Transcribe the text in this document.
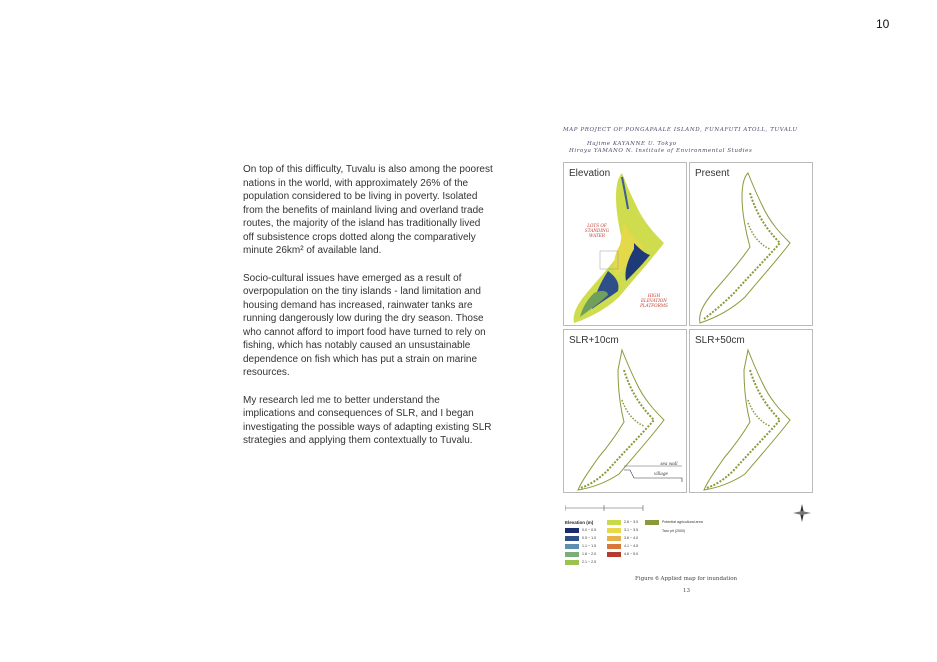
10

On top of this difficulty, Tuvalu is also among the poorest nations in the world, with approximately 26% of the population considered to be living in poverty. Isolated from the benefits of mainland living and overland trade routes, the majority of the island has traditionally lived off subsistence crops dotted along the comparatively minute 26km² of available land.

Socio-cultural issues have emerged as a result of overpopulation on the tiny islands - land limitation and housing demand has increased, rainwater tanks are running dangerously low during the dry season. Those who cannot afford to import food have turned to rely on fishing, which has notably caused an unsustainable dependence on fish which has put a strain on marine resources.

My research led me to better understand the implications and consequences of SLR, and I began investigating the possible ways of adapting existing SLR strategies and applying them contextually to Tuvalu.

MAP PROJECT OF PONGAPAALE ISLAND, FUNAFUTI ATOLL, TUVALU
Hajime KAYANNE U. Tokyo
Hiroya YAMANO N. Institute of Environmental Studies
Elevation
LOTS OF STANDING WATER
HIGH ELEVATION PLATFORMS
Present
SLR+10cm
village
sea wall
SLR+50cm
Elevation (m)
0.0 ~ 0.5
0.5 ~ 1.0
1.1 ~ 1.5
1.6 ~ 2.0
2.1 ~ 2.5
2.6 ~ 3.0
3.1 ~ 3.5
3.6 ~ 4.0
4.1 ~ 4.5
4.6 ~ 5.0
Potential agricultural area
Taro pit (2000)
Figure 6 Applied map for inundation
13
